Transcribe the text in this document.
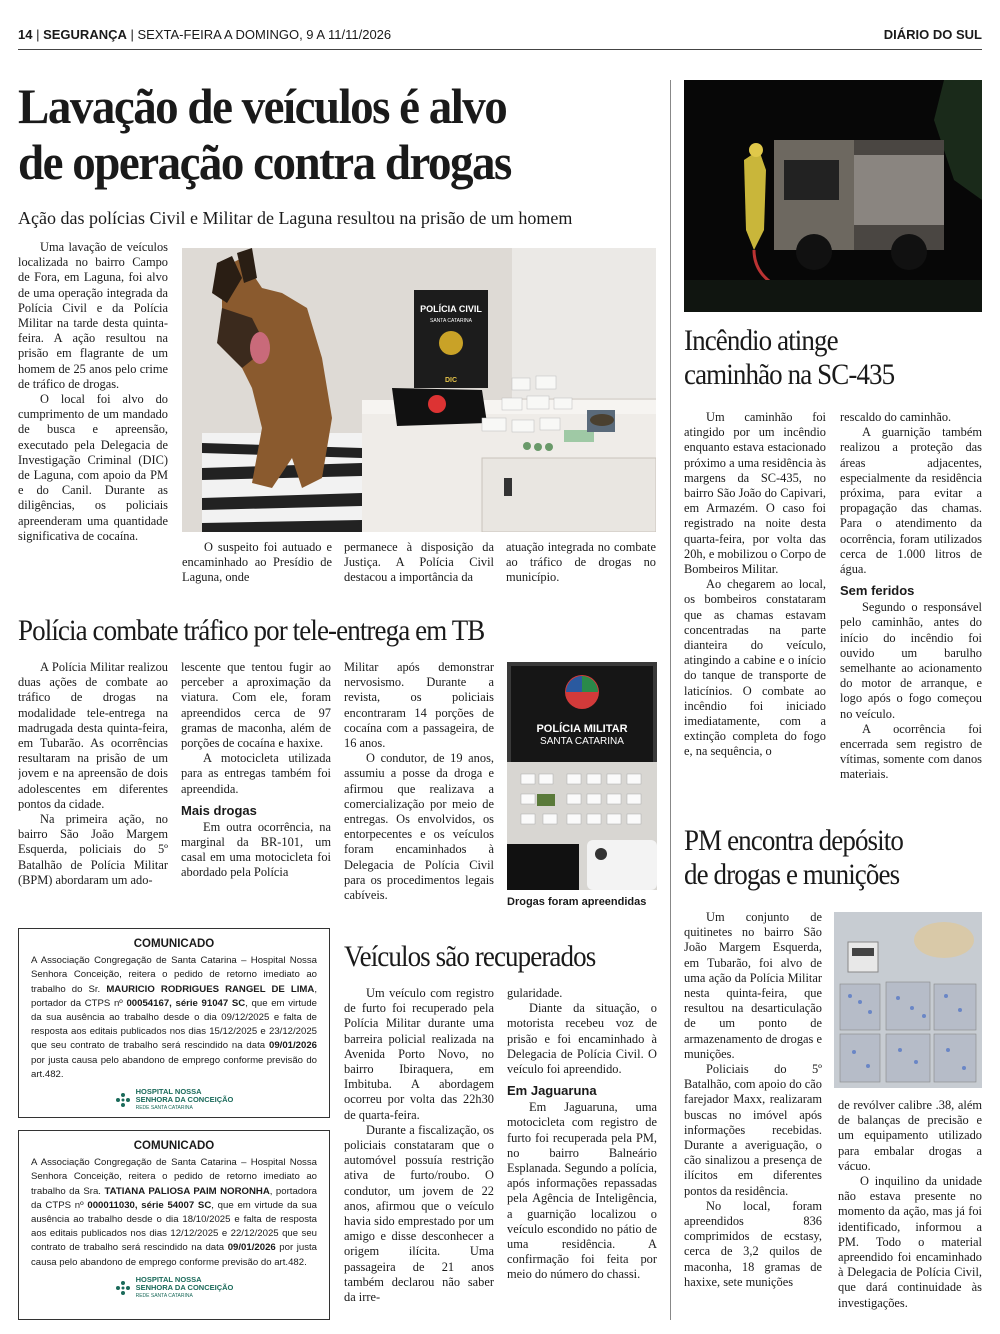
14 | SEGURANÇA | SEXTA-FEIRA A DOMINGO, 9 A 11/11/2026	DIÁRIO DO SUL
Lavação de veículos é alvo
de operação contra drogas
Ação das polícias Civil e Militar de Laguna resultou na prisão de um homem

Uma lavação de veículos localizada no bairro Campo de Fora, em Laguna, foi alvo de uma operação integrada da Polícia Civil e da Polícia Militar na tarde desta quinta-feira. A ação resultou na prisão em flagrante de um homem de 25 anos pelo crime de tráfico de drogas.

O local foi alvo do cumprimento de um mandado de busca e apreensão, executado pela Delegacia de Investigação Criminal (DIC) de Laguna, com apoio da PM e do Canil. Durante as diligências, os policiais apreenderam uma quantidade significativa de cocaína.

POLÍCIA CIVIL
SANTA CATARINA
DIC

O suspeito foi autuado e encaminhado ao Presídio de Laguna, onde

permanece à disposição da Justiça. A Polícia Civil destacou a importância da

atuação integrada no combate ao tráfico de drogas no município.

Incêndio atinge
caminhão na SC-435

Um caminhão foi atingido por um incêndio enquanto estava estacionado próximo a uma residência às margens da SC-435, no bairro São João do Capivari, em Armazém. O caso foi registrado na noite desta quarta-feira, por volta das 20h, e mobilizou o Corpo de Bombeiros Militar.

Ao chegarem ao local, os bombeiros constataram que as chamas estavam concentradas na parte dianteira do veículo, atingindo a cabine e o início do tanque de transporte de laticínios. O combate ao incêndio foi iniciado imediatamente, com a extinção completa do fogo e, na sequência, o

rescaldo do caminhão.

A guarnição também realizou a proteção das áreas adjacentes, especialmente da residência próxima, para evitar a propagação das chamas. Para o atendimento da ocorrência, foram utilizados cerca de 1.000 litros de água.

Sem feridos

Segundo o responsável pelo caminhão, antes do início do incêndio foi ouvido um barulho semelhante ao acionamento do motor de arranque, e logo após o fogo começou no veículo.

A ocorrência foi encerrada sem registro de vítimas, somente com danos materiais.

Polícia combate tráfico por tele-entrega em TB

A Polícia Militar realizou duas ações de combate ao tráfico de drogas na modalidade tele-entrega na madrugada desta quinta-feira, em Tubarão. As ocorrências resultaram na prisão de um jovem e na apreensão de dois adolescentes em diferentes pontos da cidade.

Na primeira ação, no bairro São João Margem Esquerda, policiais do 5º Batalhão de Polícia Militar (BPM) abordaram um ado-

lescente que tentou fugir ao perceber a aproximação da viatura. Com ele, foram apreendidos cerca de 97 gramas de maconha, além de porções de cocaína e haxixe.

A motocicleta utilizada para as entregas também foi apreendida.

Mais drogas

Em outra ocorrência, na marginal da BR-101, um casal em uma motocicleta foi abordado pela Polícia

Militar após demonstrar nervosismo. Durante a revista, os policiais encontraram 14 porções de cocaína com a passageira, de 16 anos.

O condutor, de 19 anos, assumiu a posse da droga e afirmou que realizava a comercialização por meio de entregas. Os envolvidos, os entorpecentes e os veículos foram encaminhados à Delegacia de Polícia Civil para os procedimentos legais cabíveis.

POLÍCIA MILITAR
SANTA CATARINA
Drogas foram apreendidas
COMUNICADO
A Associação Congregação de Santa Catarina – Hospital Nossa Senhora Conceição, reitera o pedido de retorno imediato ao trabalho do Sr. MAURICIO RODRIGUES RANGEL DE LIMA, portador da CTPS nº 00054167, série 91047 SC, que em virtude da sua ausência ao trabalho desde o dia 09/12/2025 e falta de resposta aos editais publicados nos dias 15/12/2025 e 23/12/2025 que seu contrato de trabalho será rescindido na data 09/01/2026 por justa causa pelo abandono de emprego conforme previsão do art.482.
HOSPITAL NOSSA
SENHORA DA CONCEIÇÃO
REDE SANTA CATARINA
COMUNICADO
A Associação Congregação de Santa Catarina – Hospital Nossa Senhora Conceição, reitera o pedido de retorno imediato ao trabalho da Sra. TATIANA PALIOSA PAIM NORONHA, portadora da CTPS nº 000011030, série 54007 SC, que em virtude da sua ausência ao trabalho desde o dia 18/10/2025 e falta de resposta aos editais publicados nos dias 12/12/2025 e 22/12/2025 que seu contrato de trabalho será rescindido na data 09/01/2026 por justa causa pelo abandono de emprego conforme previsão do art.482.
HOSPITAL NOSSA
SENHORA DA CONCEIÇÃO
REDE SANTA CATARINA
Veículos são recuperados

Um veículo com registro de furto foi recuperado pela Polícia Militar durante uma barreira policial realizada na Avenida Porto Novo, no bairro Ibiraquera, em Imbituba. A abordagem ocorreu por volta das 22h30 de quarta-feira.

Durante a fiscalização, os policiais constataram que o automóvel possuía restrição ativa de furto/roubo. O condutor, um jovem de 22 anos, afirmou que o veículo havia sido emprestado por um amigo e disse desconhecer a origem ilícita. Uma passageira de 21 anos também declarou não saber da irre-

gularidade.

Diante da situação, o motorista recebeu voz de prisão e foi encaminhado à Delegacia de Polícia Civil. O veículo foi apreendido.

Em Jaguaruna

Em Jaguaruna, uma motocicleta com registro de furto foi recuperada pela PM, no bairro Balneário Esplanada. Segundo a polícia, após informações repassadas pela Agência de Inteligência, a guarnição localizou o veículo escondido no pátio de uma residência. A confirmação foi feita por meio do número do chassi.

PM encontra depósito
de drogas e munições

Um conjunto de quitinetes no bairro São João Margem Esquerda, em Tubarão, foi alvo de uma ação da Polícia Militar nesta quinta-feira, que resultou na desarticulação de um ponto de armazenamento de drogas e munições.

Policiais do 5º Batalhão, com apoio do cão farejador Maxx, realizaram buscas no imóvel após informações recebidas. Durante a averiguação, o cão sinalizou a presença de ilícitos em diferentes pontos da residência.

No local, foram apreendidos 836 comprimidos de ecstasy, cerca de 3,2 quilos de maconha, 18 gramas de haxixe, sete munições

de revólver calibre .38, além de balanças de precisão e um equipamento utilizado para embalar drogas a vácuo.

O inquilino da unidade não estava presente no momento da ação, mas já foi identificado, informou a PM. Todo o material apreendido foi encaminhado à Delegacia de Polícia Civil, que dará continuidade às investigações.
